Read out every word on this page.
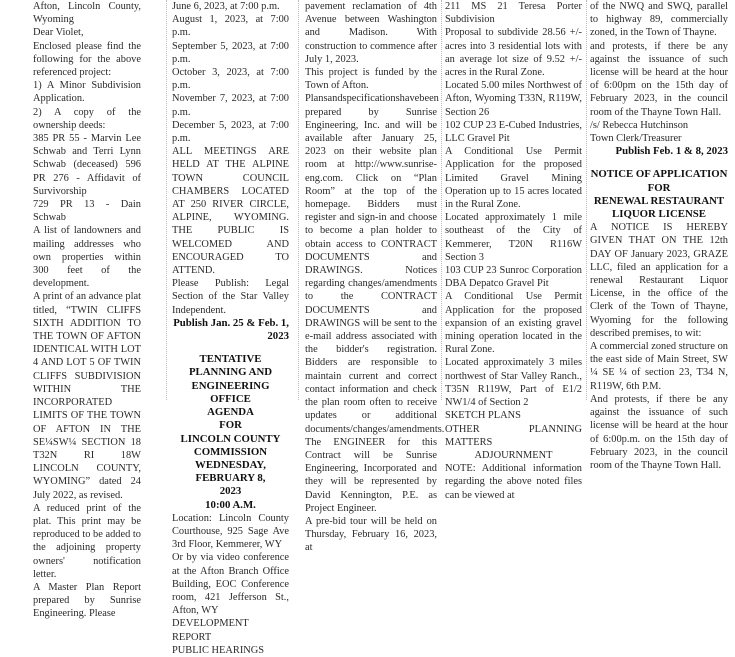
Afton, Lincoln County, Wyoming
Dear Violet,
Enclosed please find the following for the above referenced project:
1) A Minor Subdivision Application.
2) A copy of the ownership deeds:
385 PR 55 - Marvin Lee Schwab and Terri Lynn Schwab (deceased) 596 PR 276 - Affidavit of Survivorship
729 PR 13 - Dain Schwab
A list of landowners and mailing addresses who own properties within 300 feet of the development.
A print of an advance plat titled, “TWIN CLIFFS SIXTH ADDITION TO THE TOWN OF AFTON IDENTICAL WITH LOT 4 AND LOT 5 OF TWIN CLIFFS SUBDIVISION WITHIN THE INCORPORATED LIMITS OF THE TOWN OF AFTON IN THE SE¼SW¼ SECTION 18 T32N RI 18W LINCOLN COUNTY, WYOMING” dated 24 July 2022, as revised.
A reduced print of the plat. This print may be reproduced to be added to the adjoining property owners' notification letter.
A Master Plan Report prepared by Sunrise Engineering. Please
June 6, 2023, at 7:00 p.m.
August 1, 2023, at 7:00 p.m.
September 5, 2023, at 7:00 p.m.
October 3, 2023, at 7:00 p.m.
November 7, 2023, at 7:00 p.m.
December 5, 2023, at 7:00 p.m.
ALL MEETINGS ARE HELD AT THE ALPINE TOWN COUNCIL CHAMBERS LOCATED AT 250 RIVER CIRCLE, ALPINE, WYOMING. THE PUBLIC IS WELCOMED AND ENCOURAGED TO ATTEND.
Please Publish: Legal Section of the Star Valley Independent.
Publish Jan. 25 & Feb. 1, 2023
TENTATIVE
PLANNING AND
ENGINEERING OFFICE
AGENDA
FOR
LINCOLN COUNTY
COMMISSION
WEDNESDAY, FEBRUARY 8,
2023
10:00 A.M.
Location: Lincoln County Courthouse, 925 Sage Ave 3rd Floor, Kemmerer, WY
Or by via video conference at the Afton Branch Office Building, EOC Conference room, 421 Jefferson St., Afton, WY
DEVELOPMENT REPORT
PUBLIC HEARINGS
pavement reclamation of 4th Avenue between Washington and Madison. With construction to commence after July 1, 2023.
This project is funded by the Town of Afton.
Plansandspecificationshavebeen prepared by Sunrise Engineering, Inc. and will be available after January 25, 2023 on their website plan room at http://www.sunrise-eng.com. Click on “Plan Room” at the top of the homepage. Bidders must register and sign-in and choose to become a plan holder to obtain access to CONTRACT DOCUMENTS and DRAWINGS. Notices regarding changes/amendments to the CONTRACT DOCUMENTS and DRAWINGS will be sent to the e-mail address associated with the bidder's registration. Bidders are responsible to maintain current and correct contact information and check the plan room often to receive updates or additional documents/changes/amendments. The ENGINEER for this Contract will be Sunrise Engineering, Incorporated and they will be represented by David Kennington, P.E. as Project Engineer.
A pre-bid tour will be held on Thursday, February 16, 2023, at
211 MS 21 Teresa Porter Subdivision
Proposal to subdivide 28.56 +/- acres into 3 residential lots with an average lot size of 9.52 +/- acres in the Rural Zone.
Located 5.00 miles Northwest of Afton, Wyoming T33N, R119W, Section 26
102 CUP 23 E-Cubed Industries, LLC Gravel Pit
A Conditional Use Permit Application for the proposed Limited Gravel Mining Operation up to 15 acres located in the Rural Zone.
Located approximately 1 mile southeast of the City of Kemmerer, T20N R116W Section 3
103 CUP 23 Sunroc Corporation DBA Depatco Gravel Pit
A Conditional Use Permit Application for the proposed expansion of an existing gravel mining operation located in the Rural Zone.
Located approximately 3 miles northwest of Star Valley Ranch., T35N R119W, Part of E1/2 NW1/4 of Section 2
SKETCH PLANS
OTHER PLANNING MATTERS
ADJOURNMENT
NOTE: Additional information regarding the above noted files can be viewed at
of the NWQ and SWQ, parallel to highway 89, commercially zoned, in the Town of Thayne.
and protests, if there be any against the issuance of such license will be heard at the hour of 6:00pm on the 15th day of February 2023, in the council room of the Thayne Town Hall.
/s/ Rebecca Hutchinson
Town Clerk/Treasurer
Publish Feb. 1 & 8, 2023
NOTICE OF APPLICATION
FOR
RENEWAL RESTAURANT
LIQUOR LICENSE
A NOTICE IS HEREBY GIVEN THAT ON THE 12th DAY OF January 2023, GRAZE LLC, filed an application for a renewal Restaurant Liquor License, in the office of the Clerk of the Town of Thayne, Wyoming for the following described premises, to wit:
A commercial zoned structure on the east side of Main Street, SW ¼ SE ¼ of section 23, T34 N, R119W, 6th P.M.
And protests, if there be any against the issuance of such license will be heard at the hour of 6:00p.m. on the 15th day of February 2023, in the council room of the Thayne Town Hall.
